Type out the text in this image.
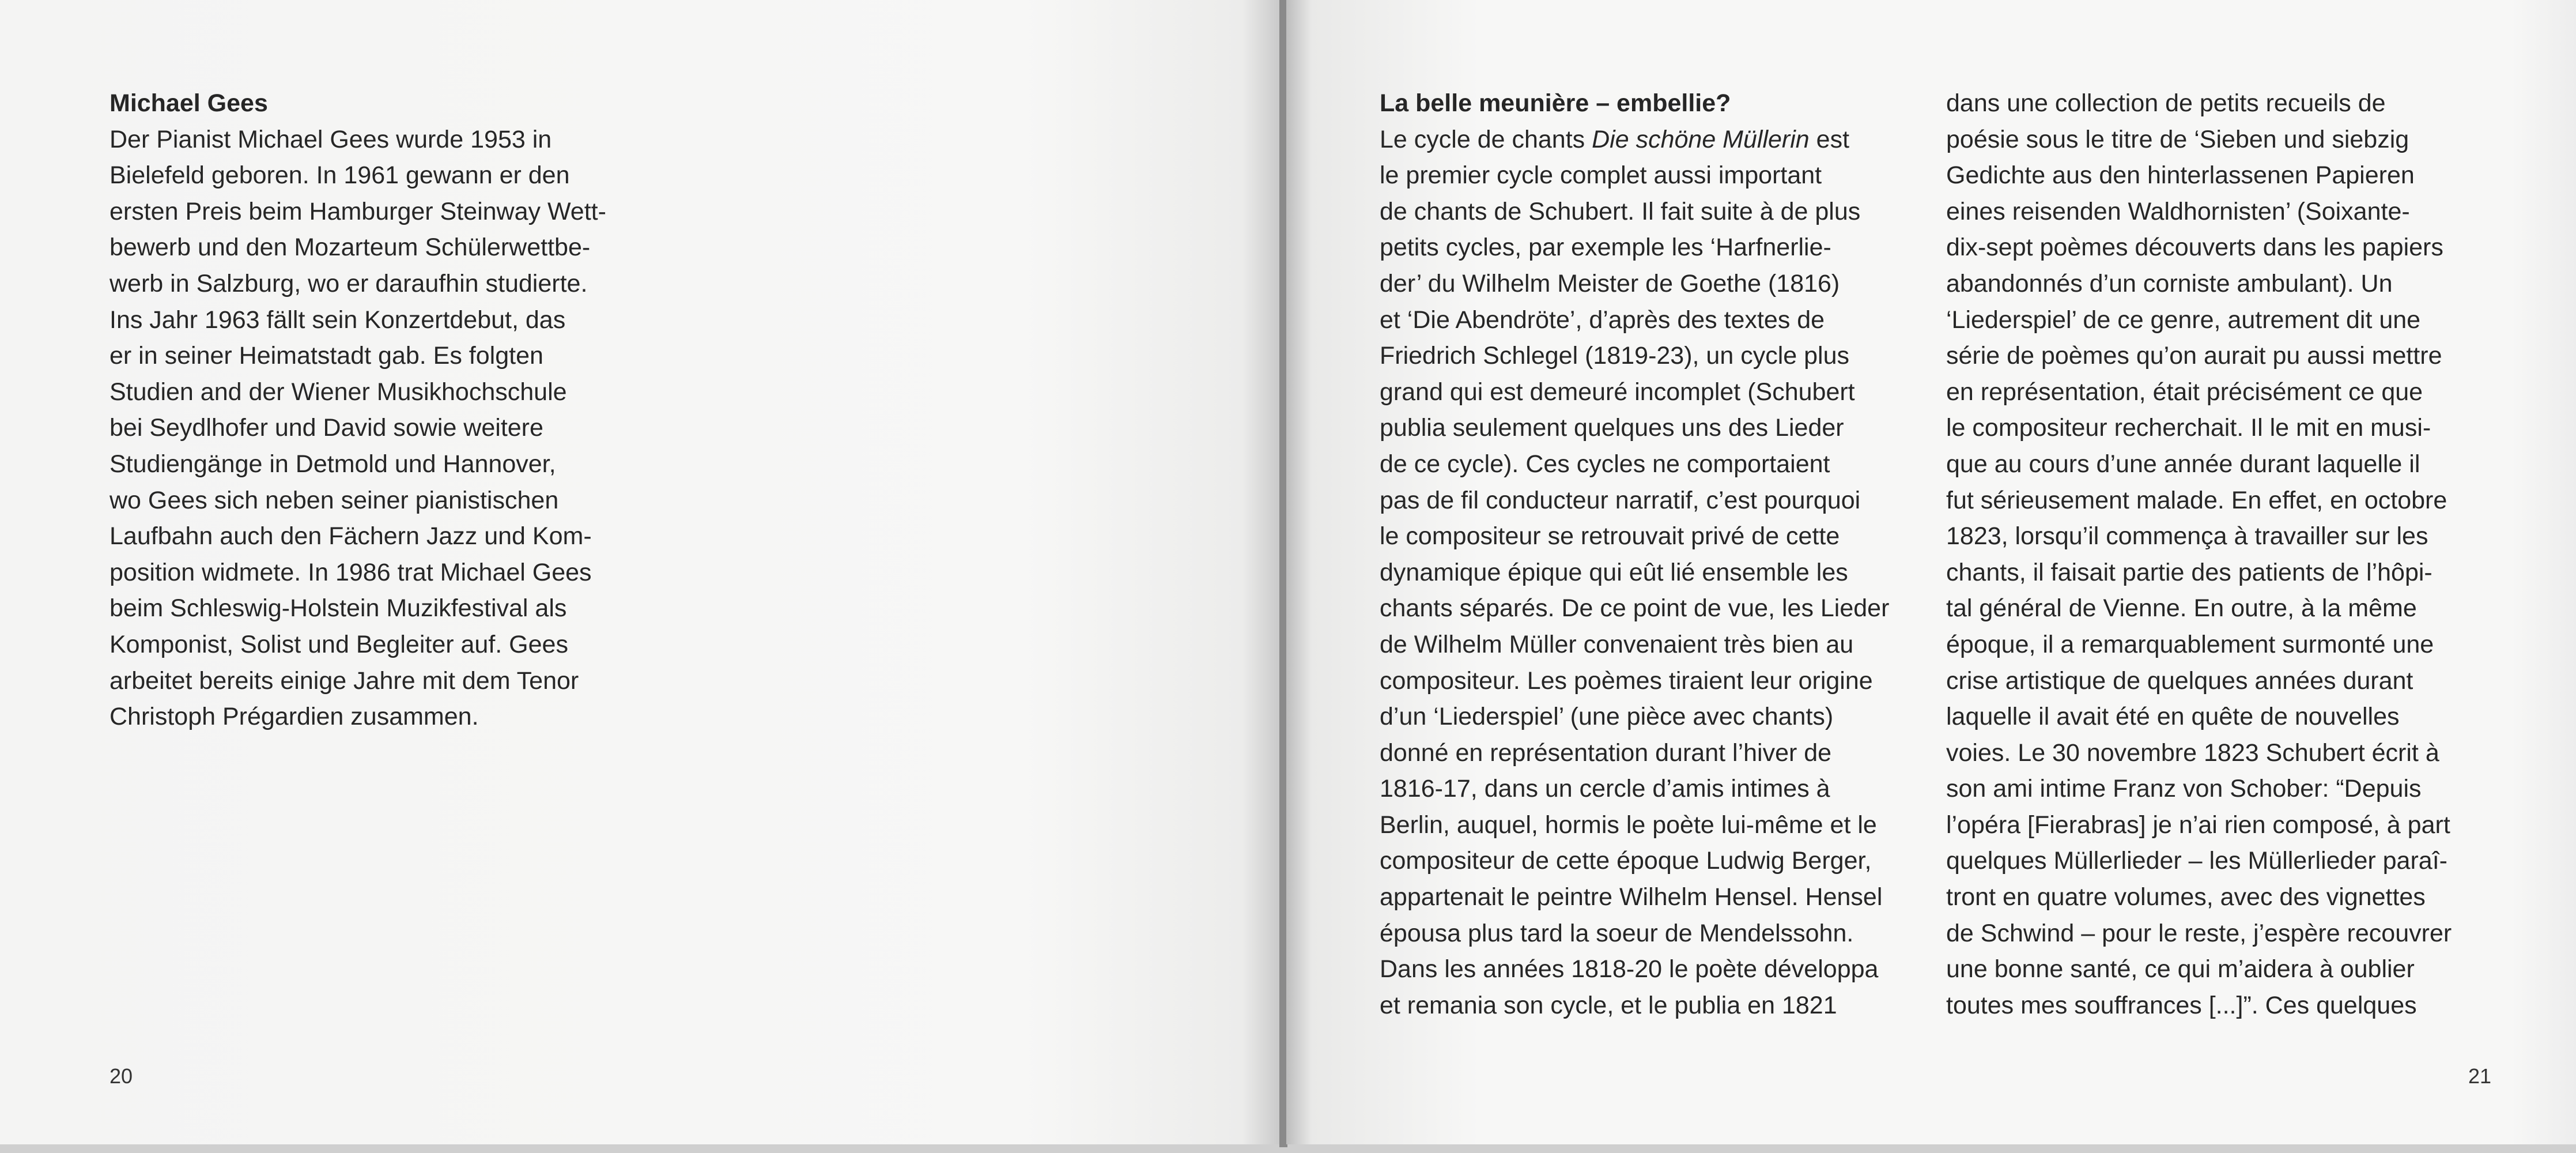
Michael Gees
Der Pianist Michael Gees wurde 1953 in
Bielefeld geboren. In 1961 gewann er den
ersten Preis beim Hamburger Steinway Wett-
bewerb und den Mozarteum Schülerwettbe-
werb in Salzburg, wo er daraufhin studierte.
Ins Jahr 1963 fällt sein Konzertdebut, das
er in seiner Heimatstadt gab. Es folgten
Studien and der Wiener Musikhochschule
bei Seydlhofer und David sowie weitere
Studiengänge in Detmold und Hannover,
wo Gees sich neben seiner pianistischen
Laufbahn auch den Fächern Jazz und Kom-
position widmete. In 1986 trat Michael Gees
beim Schleswig-Holstein Muzikfestival als
Komponist, Solist und Begleiter auf. Gees
arbeitet bereits einige Jahre mit dem Tenor
Christoph Prégardien zusammen.
20
La belle meunière – embellie?
Le cycle de chants Die schöne Müllerin est
le premier cycle complet aussi important
de chants de Schubert. Il fait suite à de plus
petits cycles, par exemple les ‘Harfnerlie-
der’ du Wilhelm Meister de Goethe (1816)
et ‘Die Abendröte’, d’après des textes de
Friedrich Schlegel (1819-23), un cycle plus
grand qui est demeuré incomplet (Schubert
publia seulement quelques uns des Lieder
de ce cycle). Ces cycles ne comportaient
pas de fil conducteur narratif, c’est pourquoi
le compositeur se retrouvait privé de cette
dynamique épique qui eût lié ensemble les
chants séparés. De ce point de vue, les Lieder
de Wilhelm Müller convenaient très bien au
compositeur. Les poèmes tiraient leur origine
d’un ‘Liederspiel’ (une pièce avec chants)
donné en représentation durant l’hiver de
1816-17, dans un cercle d’amis intimes à
Berlin, auquel, hormis le poète lui-même et le
compositeur de cette époque Ludwig Berger,
appartenait le peintre Wilhelm Hensel. Hensel
épousa plus tard la soeur de Mendelssohn.
Dans les années 1818-20 le poète développa
et remania son cycle, et le publia en 1821
dans une collection de petits recueils de
poésie sous le titre de ‘Sieben und siebzig
Gedichte aus den hinterlassenen Papieren
eines reisenden Waldhornisten’ (Soixante-
dix-sept poèmes découverts dans les papiers
abandonnés d’un corniste ambulant). Un
‘Liederspiel’ de ce genre, autrement dit une
série de poèmes qu’on aurait pu aussi mettre
en représentation, était précisément ce que
le compositeur recherchait. Il le mit en musi-
que au cours d’une année durant laquelle il
fut sérieusement malade. En effet, en octobre
1823, lorsqu’il commença à travailler sur les
chants, il faisait partie des patients de l’hôpi-
tal général de Vienne. En outre, à la même
époque, il a remarquablement surmonté une
crise artistique de quelques années durant
laquelle il avait été en quête de nouvelles
voies. Le 30 novembre 1823 Schubert écrit à
son ami intime Franz von Schober: “Depuis
l’opéra [Fierabras] je n’ai rien composé, à part
quelques Müllerlieder – les Müllerlieder paraî-
tront en quatre volumes, avec des vignettes
de Schwind – pour le reste, j’espère recouvrer
une bonne santé, ce qui m’aidera à oublier
toutes mes souffrances [...]”. Ces quelques
21
